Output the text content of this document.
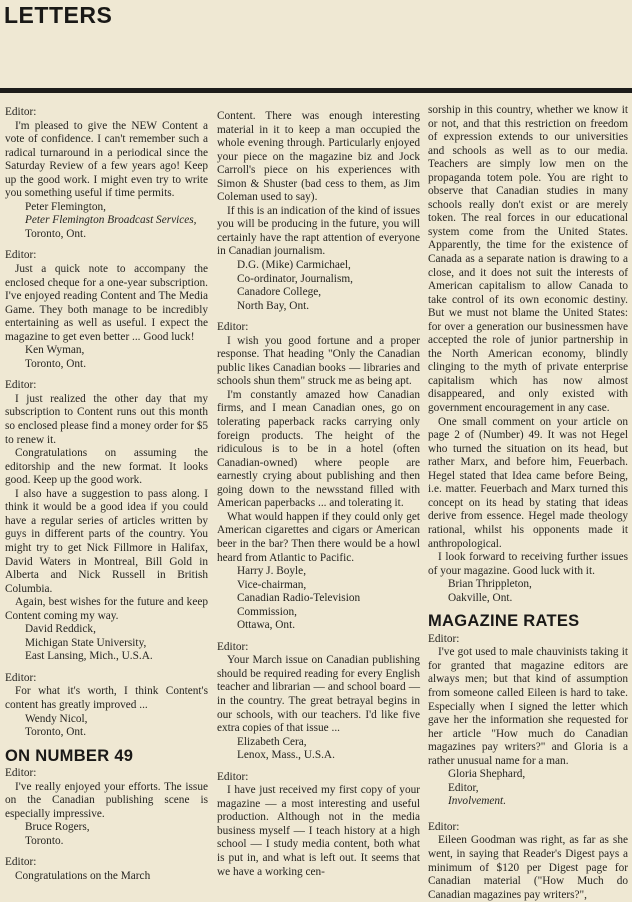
LETTERS
Editor:

I'm pleased to give the NEW Content a vote of confidence. I can't remember such a radical turnaround in a periodical since the Saturday Review of a few years ago! Keep up the good work. I might even try to write you something useful if time permits.

Peter Flemington,
Peter Flemington Broadcast Services,
Toronto, Ont.
Editor:

Just a quick note to accompany the enclosed cheque for a one-year subscription. I've enjoyed reading Content and The Media Game. They both manage to be incredibly entertaining as well as useful. I expect the magazine to get even better ... Good luck!

Ken Wyman,
Toronto, Ont.
Editor:

I just realized the other day that my subscription to Content runs out this month so enclosed please find a money order for $5 to renew it.

Congratulations on assuming the editorship and the new format. It looks good. Keep up the good work.

I also have a suggestion to pass along. I think it would be a good idea if you could have a regular series of articles written by guys in different parts of the country. You might try to get Nick Fillmore in Halifax, David Waters in Montreal, Bill Gold in Alberta and Nick Russell in British Columbia.

Again, best wishes for the future and keep Content coming my way.

David Reddick,
Michigan State University,
East Lansing, Mich., U.S.A.
Editor:

For what it's worth, I think Content's content has greatly improved ...

Wendy Nicol,
Toronto, Ont.
ON NUMBER 49
Editor:

I've really enjoyed your efforts. The issue on the Canadian publishing scene is especially impressive.

Bruce Rogers,
Toronto.
Editor:

Congratulations on the March

Content. There was enough interesting material in it to keep a man occupied the whole evening through. Particularly enjoyed your piece on the magazine biz and Jock Carroll's piece on his experiences with Simon & Shuster (bad cess to them, as Jim Coleman used to say).

If this is an indication of the kind of issues you will be producing in the future, you will certainly have the rapt attention of everyone in Canadian journalism.

D.G. (Mike) Carmichael,
Co-ordinator, Journalism,
Canadore College,
North Bay, Ont.
Editor:

I wish you good fortune and a proper response. That heading "Only the Canadian public likes Canadian books — libraries and schools shun them" struck me as being apt.

I'm constantly amazed how Canadian firms, and I mean Canadian ones, go on tolerating paperback racks carrying only foreign products. The height of the ridiculous is to be in a hotel (often Canadian-owned) where people are earnestly crying about publishing and then going down to the newsstand filled with American paperbacks ... and tolerating it.

What would happen if they could only get American cigarettes and cigars or American beer in the bar? Then there would be a howl heard from Atlantic to Pacific.

Harry J. Boyle,
Vice-chairman,
Canadian Radio-Television Commission,
Ottawa, Ont.
Editor:

Your March issue on Canadian publishing should be required reading for every English teacher and librarian — and school board — in the country. The great betrayal begins in our schools, with our teachers. I'd like five extra copies of that issue ...

Elizabeth Cera,
Lenox, Mass., U.S.A.
Editor:

I have just received my first copy of your magazine — a most interesting and useful production. Although not in the media business myself — I teach history at a high school — I study media content, both what is put in, and what is left out. It seems that we have a working cen-

sorship in this country, whether we know it or not, and that this restriction on freedom of expression extends to our universities and schools as well as to our media. Teachers are simply low men on the propaganda totem pole. You are right to observe that Canadian studies in many schools really don't exist or are merely token. The real forces in our educational system come from the United States. Apparently, the time for the existence of Canada as a separate nation is drawing to a close, and it does not suit the interests of American capitalism to allow Canada to take control of its own economic destiny. But we must not blame the United States: for over a generation our businessmen have accepted the role of junior partnership in the North American economy, blindly clinging to the myth of private enterprise capitalism which has now almost disappeared, and only existed with government encouragement in any case.

One small comment on your article on page 2 of (Number) 49. It was not Hegel who turned the situation on its head, but rather Marx, and before him, Feuerbach. Hegel stated that Idea came before Being, i.e. matter. Feuerbach and Marx turned this concept on its head by stating that ideas derive from essence. Hegel made theology rational, whilst his opponents made it anthropological.

I look forward to receiving further issues of your magazine. Good luck with it.

Brian Thrippleton,
Oakville, Ont.
MAGAZINE RATES
Editor:

I've got used to male chauvinists taking it for granted that magazine editors are always men; but that kind of assumption from someone called Eileen is hard to take. Especially when I signed the letter which gave her the information she requested for her article "How much do Canadian magazines pay writers?" and Gloria is a rather unusual name for a man.

Gloria Shephard,
Editor,
Involvement.
Editor:

Eileen Goodman was right, as far as she went, in saying that Reader's Digest pays a minimum of $120 per Digest page for Canadian material ("How Much do Canadian magazines pay writers?",
